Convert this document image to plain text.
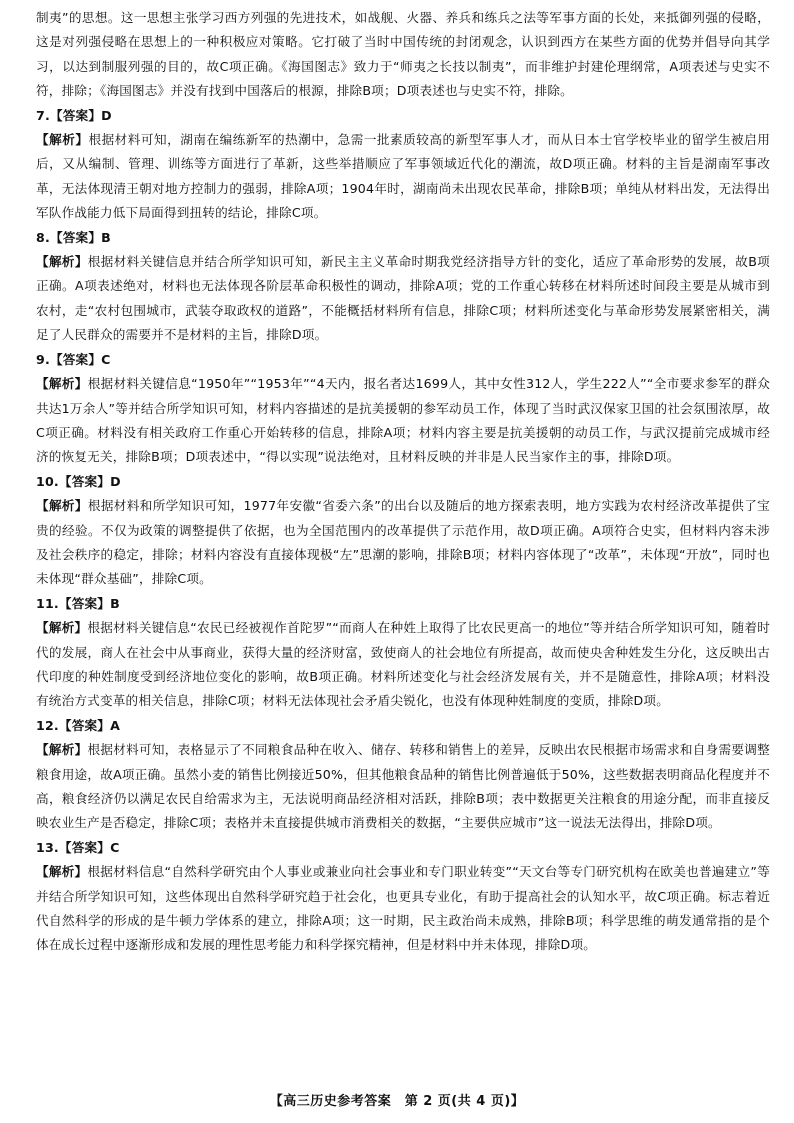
制夷”的思想。这一思想主张学习西方列强的先进技术，如战舰、火器、养兵和练兵之法等军事方面的长处，来抵御列强的侵略，这是对列强侵略在思想上的一种积极应对策略。它打破了当时中国传统的封闭观念，认识到西方在某些方面的优势并倡导向其学习，以达到制服列强的目的，故C项正确。《海国图志》致力于“师夷之长技以制夷”，而非维护封建伦理纲常，A项表述与史实不符，排除；《海国图志》并没有找到中国落后的根源，排除B项；D项表述也与史实不符，排除。

7.【答案】D

【解析】根据材料可知，湖南在编练新军的热潮中，急需一批素质较高的新型军事人才，而从日本士官学校毕业的留学生被启用后，又从编制、管理、训练等方面进行了革新，这些举措顺应了军事领域近代化的潮流，故D项正确。材料的主旨是湖南军事改革，无法体现清王朝对地方控制力的强弱，排除A项；1904年时，湖南尚未出现农民革命，排除B项；单纯从材料出发，无法得出军队作战能力低下局面得到扭转的结论，排除C项。

8.【答案】B

【解析】根据材料关键信息并结合所学知识可知，新民主主义革命时期我党经济指导方针的变化，适应了革命形势的发展，故B项正确。A项表述绝对，材料也无法体现各阶层革命积极性的调动，排除A项；党的工作重心转移在材料所述时间段主要是从城市到农村，走“农村包围城市，武装夺取政权的道路”，不能概括材料所有信息，排除C项；材料所述变化与革命形势发展紧密相关，满足了人民群众的需要并不是材料的主旨，排除D项。

9.【答案】C

【解析】根据材料关键信息“1950年”“1953年”“4天内，报名者达1699人，其中女性312人，学生222人”“全市要求参军的群众共达1万余人”等并结合所学知识可知，材料内容描述的是抗美援朝的参军动员工作，体现了当时武汉保家卫国的社会氛围浓厚，故C项正确。材料没有相关政府工作重心开始转移的信息，排除A项；材料内容主要是抗美援朝的动员工作，与武汉提前完成城市经济的恢复无关，排除B项；D项表述中，“得以实现”说法绝对，且材料反映的并非是人民当家作主的事，排除D项。

10.【答案】D

【解析】根据材料和所学知识可知，1977年安徽“省委六条”的出台以及随后的地方探索表明，地方实践为农村经济改革提供了宝贵的经验。不仅为政策的调整提供了依据，也为全国范围内的改革提供了示范作用，故D项正确。A项符合史实，但材料内容未涉及社会秩序的稳定，排除；材料内容没有直接体现极“左”思潮的影响，排除B项；材料内容体现了“改革”，未体现“开放”，同时也未体现“群众基础”，排除C项。

11.【答案】B

【解析】根据材料关键信息“农民已经被视作首陀罗”“而商人在种姓上取得了比农民更高一的地位”等并结合所学知识可知，随着时代的发展，商人在社会中从事商业，获得大量的经济财富，致使商人的社会地位有所提高，故而使央舍种姓发生分化，这反映出古代印度的种姓制度受到经济地位变化的影响，故B项正确。材料所述变化与社会经济发展有关，并不是随意性，排除A项；材料没有统治方式变革的相关信息，排除C项；材料无法体现社会矛盾尖锐化，也没有体现种姓制度的变质，排除D项。

12.【答案】A

【解析】根据材料可知，表格显示了不同粮食品种在收入、储存、转移和销售上的差异，反映出农民根据市场需求和自身需要调整粮食用途，故A项正确。虽然小麦的销售比例接近50%，但其他粮食品种的销售比例普遍低于50%，这些数据表明商品化程度并不高，粮食经济仍以满足农民自给需求为主，无法说明商品经济相对活跃，排除B项；表中数据更关注粮食的用途分配，而非直接反映农业生产是否稳定，排除C项；表格并未直接提供城市消费相关的数据，“主要供应城市”这一说法无法得出，排除D项。

13.【答案】C

【解析】根据材料信息“自然科学研究由个人事业或兼业向社会事业和专门职业转变”“天文台等专门研究机构在欧美也普遍建立”等并结合所学知识可知，这些体现出自然科学研究趋于社会化，也更具专业化，有助于提高社会的认知水平，故C项正确。标志着近代自然科学的形成的是牛顿力学体系的建立，排除A项；这一时期，民主政治尚未成熟，排除B项；科学思维的萌发通常指的是个体在成长过程中逐渐形成和发展的理性思考能力和科学探究精神，但是材料中并未体现，排除D项。

【高三历史参考答案　第 2 页(共 4 页)】
